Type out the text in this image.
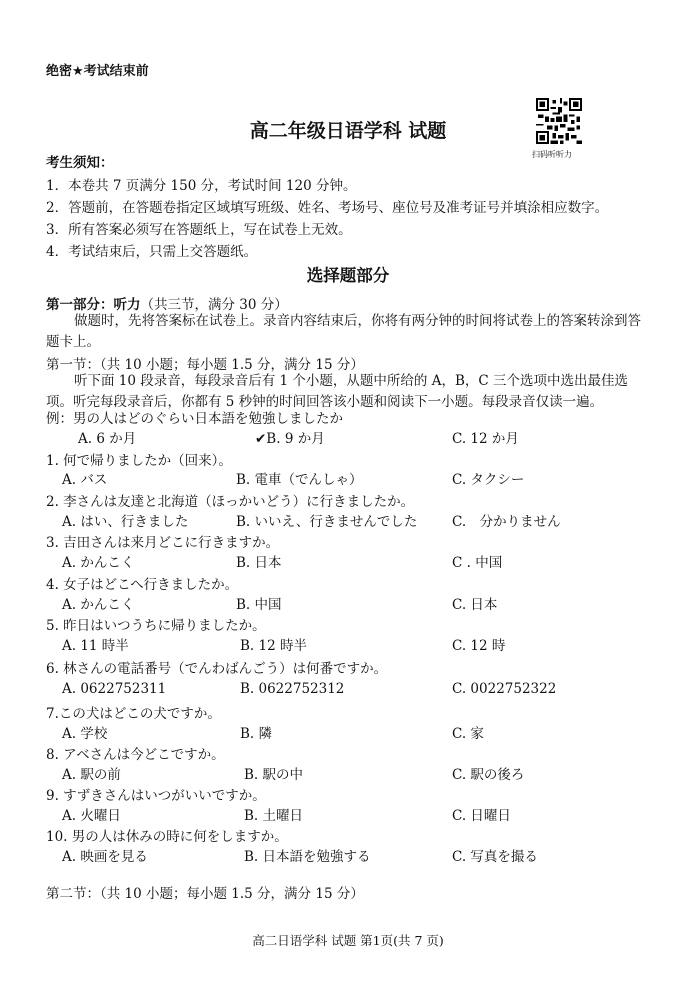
绝密★考试结束前
高二年级日语学科 试题
扫码听听力
考生须知：
1．本卷共 7 页满分 150 分，考试时间 120 分钟。
2．答题前，在答题卷指定区域填写班级、姓名、考场号、座位号及准考证号并填涂相应数字。
3．所有答案必须写在答题纸上，写在试卷上无效。
4．考试结束后，只需上交答题纸。
选择题部分
第一部分：听力（共三节，满分 30 分）
做题时，先将答案标在试卷上。录音内容结束后，你将有两分钟的时间将试卷上的答案转涂到答题卡上。
第一节：（共 10 小题；每小题 1.5 分，满分 15 分）
听下面 10 段录音，每段录音后有 1 个小题，从题中所给的 A，B，C 三个选项中选出最佳选项。听完每段录音后，你都有 5 秒钟的时间回答该小题和阅读下一小题。每段录音仅读一遍。
例：男の人はどのぐらい日本語を勉強しましたか
A. 6 か月	✔B. 9 か月	C. 12 か月
1. 何で帰りましたか（回来）。
A. バス	B. 電車（でんしゃ）	C. タクシー
2. 李さんは友達と北海道（ほっかいどう）に行きましたか。
A. はい、行きました	B. いいえ、行きませんでした	C.　分かりません
3. 吉田さんは来月どこに行きますか。
A. かんこく	B. 日本	C . 中国
4. 女子はどこへ行きましたか。
A. かんこく	B. 中国	C. 日本
5. 昨日はいつうちに帰りましたか。
A. 11 時半	B. 12 時半	C. 12 時
6. 林さんの電話番号（でんわばんごう）は何番ですか。
A. 0622752311	B. 0622752312	C. 0022752322
7.この犬はどこの犬ですか。
A. 学校	B. 隣	C. 家
8. アベさんは今どこですか。
A. 駅の前	B. 駅の中	C. 駅の後ろ
9. すずきさんはいつがいいですか。
A. 火曜日	B. 土曜日	C. 日曜日
10. 男の人は休みの時に何をしますか。
A. 映画を見る	B. 日本語を勉強する	C. 写真を撮る
第二节：（共 10 小题；每小题 1.5 分，满分 15 分）
高二日语学科 试题 第1页(共 7 页)
